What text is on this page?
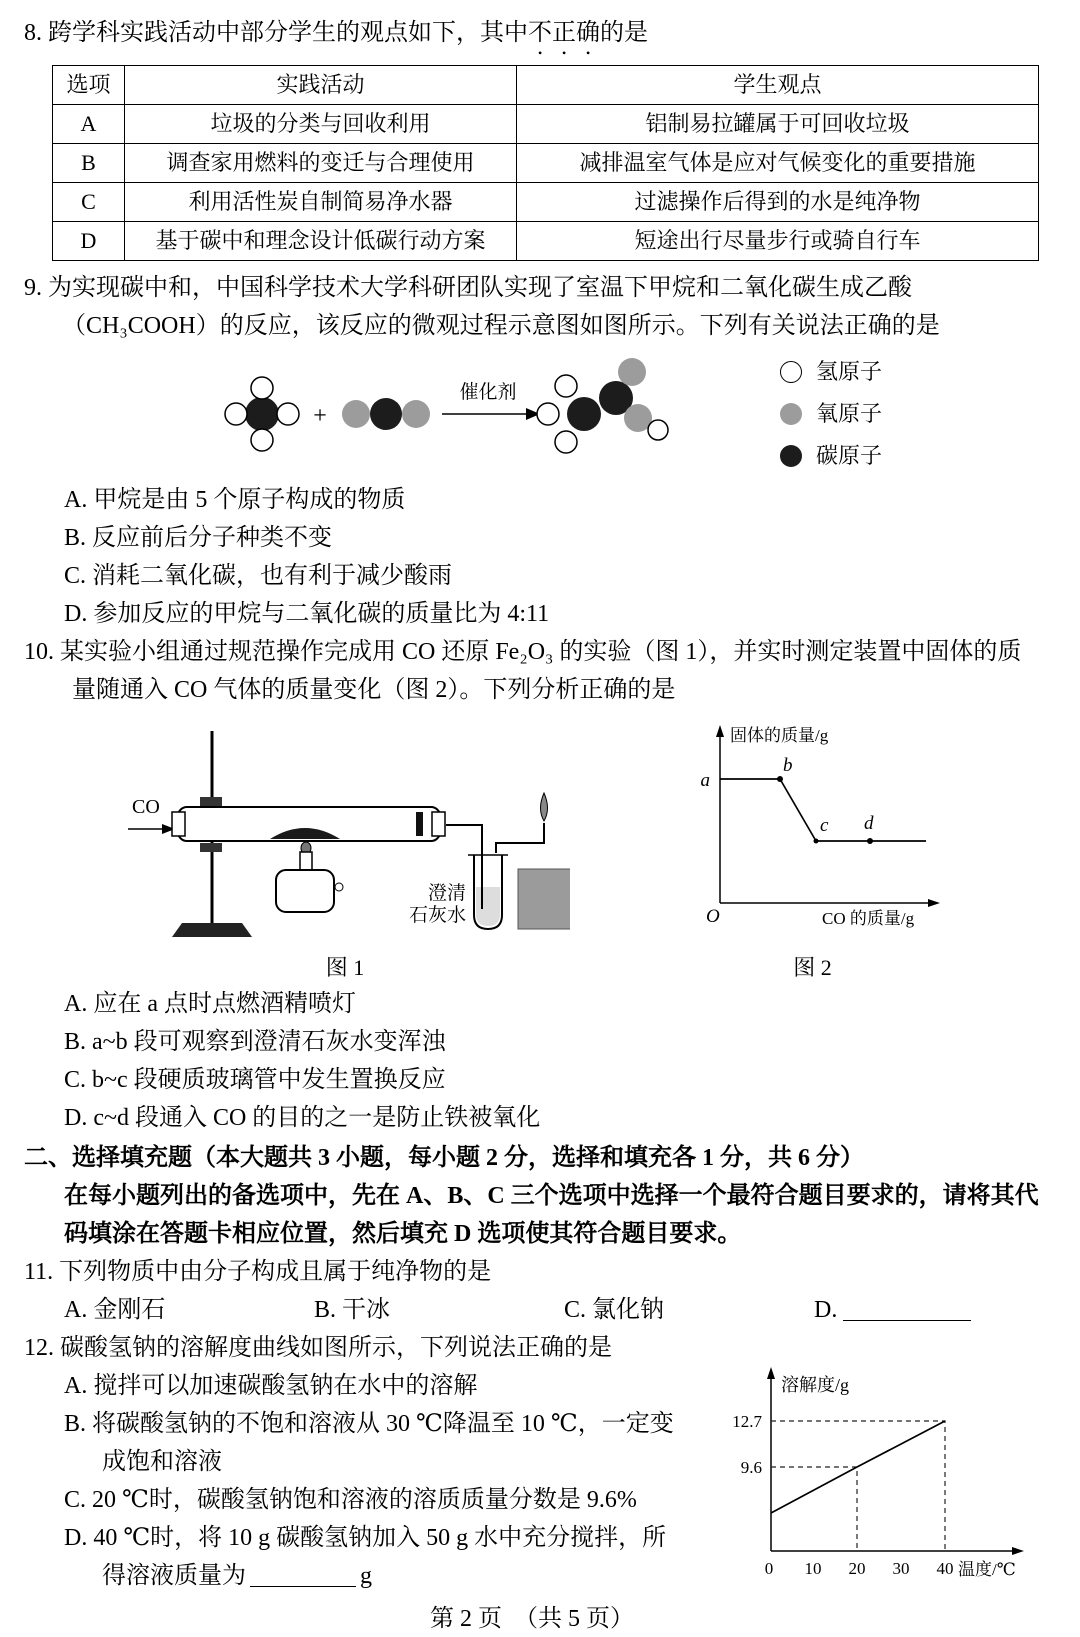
8. 跨学科实践活动中部分学生的观点如下，其中不正确的是
选项	实践活动	学生观点
A	垃圾的分类与回收利用	铝制易拉罐属于可回收垃圾
B	调查家用燃料的变迁与合理使用	减排温室气体是应对气候变化的重要措施
C	利用活性炭自制简易净水器	过滤操作后得到的水是纯净物
D	基于碳中和理念设计低碳行动方案	短途出行尽量步行或骑自行车
9. 为实现碳中和，中国科学技术大学科研团队实现了室温下甲烷和二氧化碳生成乙酸（CH₃COOH）的反应，该反应的微观过程示意图如图所示。下列有关说法正确的是
+
催化剂
氢原子
氧原子
碳原子
A. 甲烷是由 5 个原子构成的物质
B. 反应前后分子种类不变
C. 消耗二氧化碳，也有利于减少酸雨
D. 参加反应的甲烷与二氧化碳的质量比为 4:11
10. 某实验小组通过规范操作完成用 CO 还原 Fe₂O₃ 的实验（图 1），并实时测定装置中固体的质量随通入 CO 气体的质量变化（图 2）。下列分析正确的是
CO
澄清
石灰水
图 1
固体的质量/g
O	CO 的质量/g
a
b
c d
图 2
A. 应在 a 点时点燃酒精喷灯
B. a~b 段可观察到澄清石灰水变浑浊
C. b~c 段硬质玻璃管中发生置换反应
D. c~d 段通入 CO 的目的之一是防止铁被氧化
二、选择填充题（本大题共 3 小题，每小题 2 分，选择和填充各 1 分，共 6 分）
在每小题列出的备选项中，先在 A、B、C 三个选项中选择一个最符合题目要求的，请将其代码填涂在答题卡相应位置，然后填充 D 选项使其符合题目要求。
11. 下列物质中由分子构成且属于纯净物的是
A. 金刚石	B. 干冰	C. 氯化钠	D.
12. 碳酸氢钠的溶解度曲线如图所示，下列说法正确的是
A. 搅拌可以加速碳酸氢钠在水中的溶解
B. 将碳酸氢钠的不饱和溶液从 30 ℃降温至 10 ℃，一定变成饱和溶液
C. 20 ℃时，碳酸氢钠饱和溶液的溶质质量分数是 9.6%
D. 40 ℃时，将 10 g 碳酸氢钠加入 50 g 水中充分搅拌，所得溶液质量为	g
溶解度/g
温度/℃
12.7
9.6
0 10 20 30 40
第 2 页　（共 5 页）
